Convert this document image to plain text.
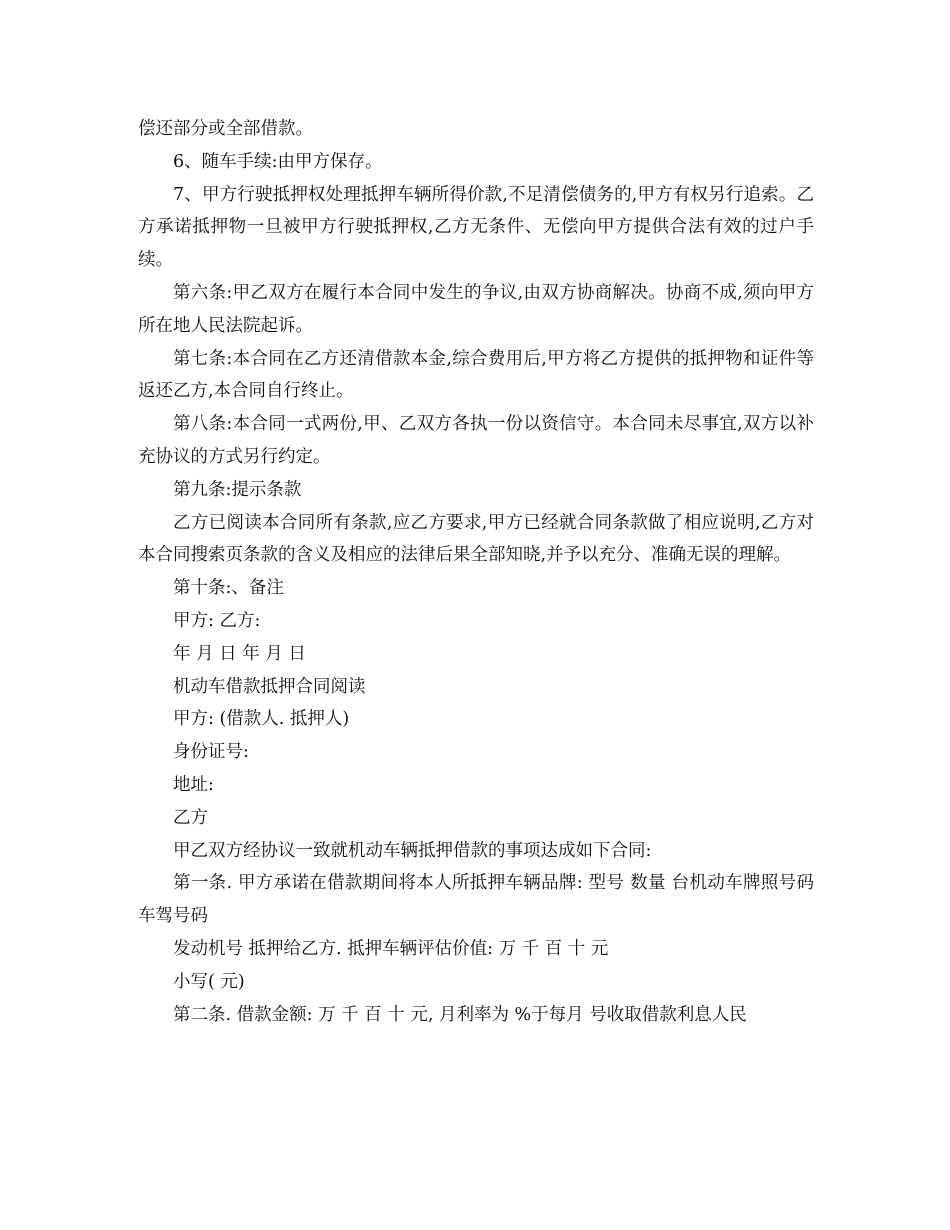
偿还部分或全部借款。

6、随车手续:由甲方保存。

7、甲方行驶抵押权处理抵押车辆所得价款,不足清偿债务的,甲方有权另行追索。乙方承诺抵押物一旦被甲方行驶抵押权,乙方无条件、无偿向甲方提供合法有效的过户手续。

第六条:甲乙双方在履行本合同中发生的争议,由双方协商解决。协商不成,须向甲方所在地人民法院起诉。

第七条:本合同在乙方还清借款本金,综合费用后,甲方将乙方提供的抵押物和证件等返还乙方,本合同自行终止。

第八条:本合同一式两份,甲、乙双方各执一份以资信守。本合同未尽事宜,双方以补充协议的方式另行约定。

第九条:提示条款

乙方已阅读本合同所有条款,应乙方要求,甲方已经就合同条款做了相应说明,乙方对本合同搜索页条款的含义及相应的法律后果全部知晓,并予以充分、准确无误的理解。

第十条:、备注

甲方: 乙方:

年 月 日 年 月 日

机动车借款抵押合同阅读

甲方: (借款人. 抵押人)

身份证号:

地址:

乙方

甲乙双方经协议一致就机动车辆抵押借款的事项达成如下合同:

第一条. 甲方承诺在借款期间将本人所抵押车辆品牌: 型号 数量 台机动车牌照号码 车驾号码

发动机号 抵押给乙方. 抵押车辆评估价值: 万 千 百 十 元

小写( 元)

第二条. 借款金额: 万 千 百 十 元, 月利率为 %于每月 号收取借款利息人民
